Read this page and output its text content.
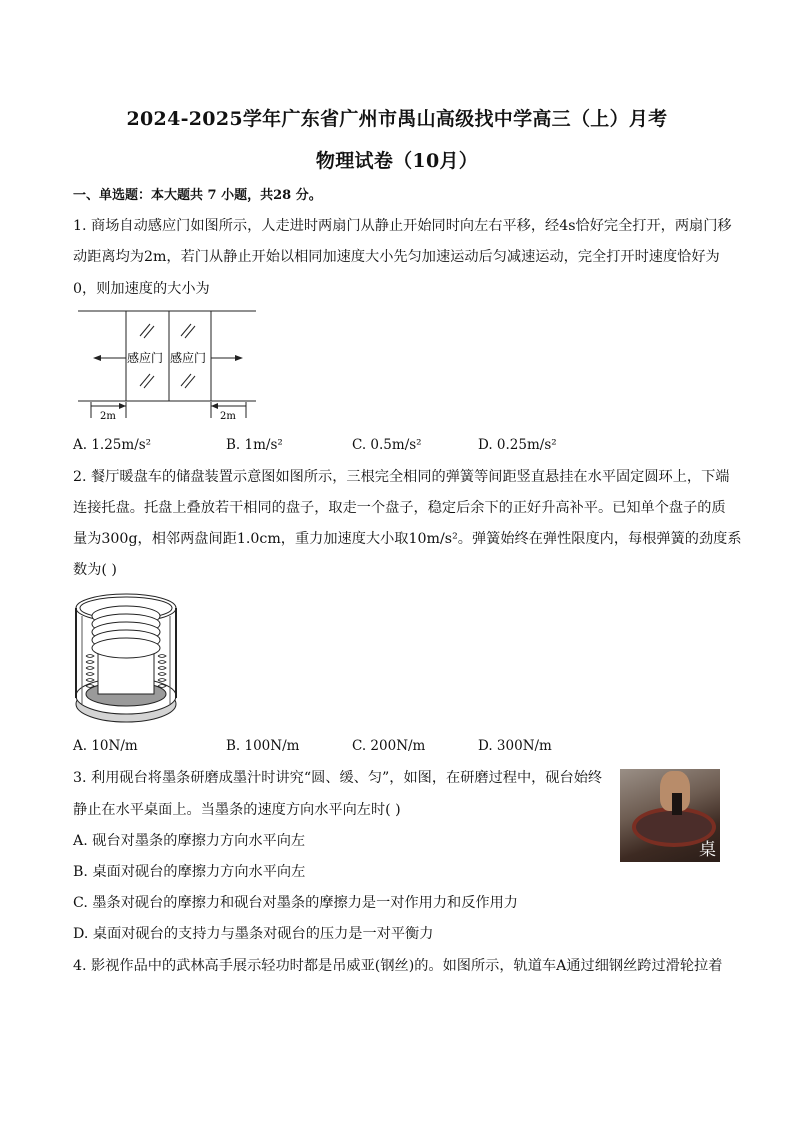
2024-2025学年广东省广州市禺山高级找中学高三（上）月考
物理试卷（10月）
一、单选题：本大题共 7 小题，共28 分。
1. 商场自动感应门如图所示，人走进时两扇门从静止开始同时向左右平移，经4s恰好完全打开，两扇门移
动距离均为2m，若门从静止开始以相同加速度大小先匀加速运动后匀减速运动，完全打开时速度恰好为
0，则加速度的大小为
感应门 感应门
2m	2m
A. 1.25m/s²	B. 1m/s²	C. 0.5m/s²	D. 0.25m/s²
2. 餐厅暖盘车的储盘装置示意图如图所示，三根完全相同的弹簧等间距竖直悬挂在水平固定圆环上，下端
连接托盘。托盘上叠放若干相同的盘子，取走一个盘子，稳定后余下的正好升高补平。已知单个盘子的质
量为300g，相邻两盘间距1.0cm，重力加速度大小取10m/s²。弹簧始终在弹性限度内，每根弹簧的劲度系
数为( )
A. 10N/m	B. 100N/m	C. 200N/m	D. 300N/m
3. 利用砚台将墨条研磨成墨汁时讲究“圆、缓、匀”，如图，在研磨过程中，砚台始终
静止在水平桌面上。当墨条的速度方向水平向左时( )
桌
A. 砚台对墨条的摩擦力方向水平向左
B. 桌面对砚台的摩擦力方向水平向左
C. 墨条对砚台的摩擦力和砚台对墨条的摩擦力是一对作用力和反作用力
D. 桌面对砚台的支持力与墨条对砚台的压力是一对平衡力
4. 影视作品中的武林高手展示轻功时都是吊威亚(钢丝)的。如图所示，轨道车A通过细钢丝跨过滑轮拉着
